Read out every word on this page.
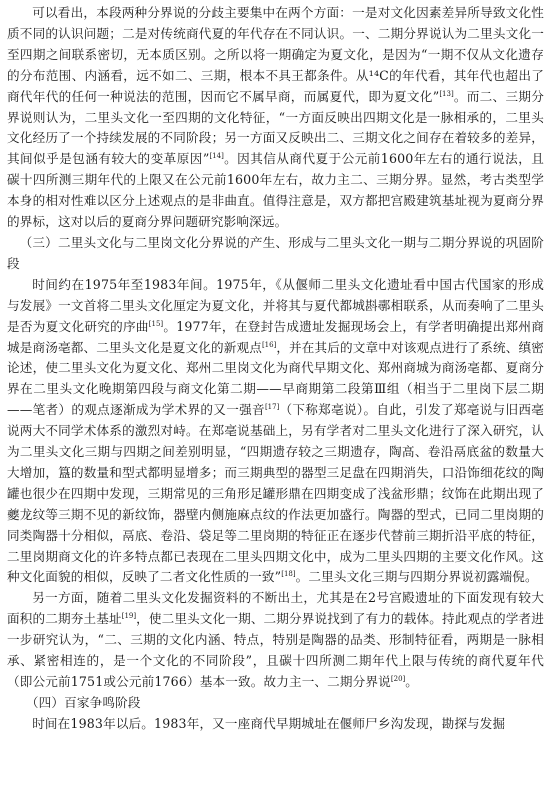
可以看出，本段两种分界说的分歧主要集中在两个方面：一是对文化因素差异所导致文化性质不同的认识问题；二是对传统商代夏的年代存在不同认识。一、二期分界说认为二里头文化一至四期之间联系密切，无本质区别。之所以将一期确定为夏文化，是因为“一期不仅从文化遗存的分布范围、内涵看，远不如二、三期，根本不具王都条件。从¹⁴C的年代看，其年代也超出了商代年代的任何一种说法的范围，因而它不属早商，而属夏代，即为夏文化”[13]。而二、三期分界说则认为，二里头文化一至四期的文化特征，“一方面反映出四期文化是一脉相承的，二里头文化经历了一个持续发展的不同阶段；另一方面又反映出二、三期文化之间存在着较多的差异，其间似乎是包涵有较大的变革原因”[14]。因其信从商代夏于公元前1600年左右的通行说法，且碳十四所测三期年代的上限又在公元前1600年左右，故力主二、三期分界。显然，考古类型学本身的相对性难以区分上述观点的是非曲直。值得注意是，双方都把宫殿建筑基址视为夏商分界的界标，这对以后的夏商分界问题研究影响深远。

（三）二里头文化与二里岗文化分界说的产生、形成与二里头文化一期与二期分界说的巩固阶段

时间约在1975年至1983年间。1975年，《从偃师二里头文化遗址看中国古代国家的形成与发展》一文首将二里头文化厘定为夏文化，并将其与夏代都城斟鄩相联系，从而奏响了二里头是否为夏文化研究的序曲[15]。1977年，在登封告成遗址发掘现场会上，有学者明确提出郑州商城是商汤亳都、二里头文化是夏文化的新观点[16]，并在其后的文章中对该观点进行了系统、缜密论述，使二里头文化为夏文化、郑州二里岗文化为商代早期文化、郑州商城为商汤亳都、夏商分界在二里头文化晚期第四段与商文化第二期——早商期第二段第Ⅲ组（相当于二里岗下层二期——笔者）的观点逐渐成为学术界的又一强音[17]（下称郑亳说）。自此，引发了郑亳说与旧西亳说两大不同学术体系的激烈对峙。在郑亳说基础上，另有学者对二里头文化进行了深入研究，认为二里头文化三期与四期之间差别明显，“四期遗存较之三期遗存，陶高、卷沿鬲底盆的数量大大增加，簋的数量和型式都明显增多；而三期典型的器型三足盘在四期消失，口沿饰细花纹的陶罐也很少在四期中发现，三期常见的三角形足罐形鼎在四期变成了浅盆形鼎；纹饰在此期出现了夔龙纹等三期不见的新纹饰，器壁内侧施麻点纹的作法更加盛行。陶器的型式，已同二里岗期的同类陶器十分相似，鬲底、卷沿、袋足等二里岗期的特征正在逐步代替前三期折沿平底的特征，二里岗期商文化的许多特点都已表现在二里头四期文化中，成为二里头四期的主要文化作风。这种文化面貌的相似，反映了二者文化性质的一致”[18]。二里头文化三期与四期分界说初露端倪。

另一方面，随着二里头文化发掘资料的不断出土，尤其是在2号宫殿遗址的下面发现有较大面积的二期夯土基址[19]，使二里头文化一期、二期分界说找到了有力的载体。持此观点的学者进一步研究认为，“二、三期的文化内涵、特点，特别是陶器的品类、形制特征看，两期是一脉相承、紧密相连的，是一个文化的不同阶段”，且碳十四所测二期年代上限与传统的商代夏年代（即公元前1751或公元前1766）基本一致。故力主一、二期分界说[20]。

（四）百家争鸣阶段

时间在1983年以后。1983年，又一座商代早期城址在偃师尸乡沟发现，勘探与发掘
